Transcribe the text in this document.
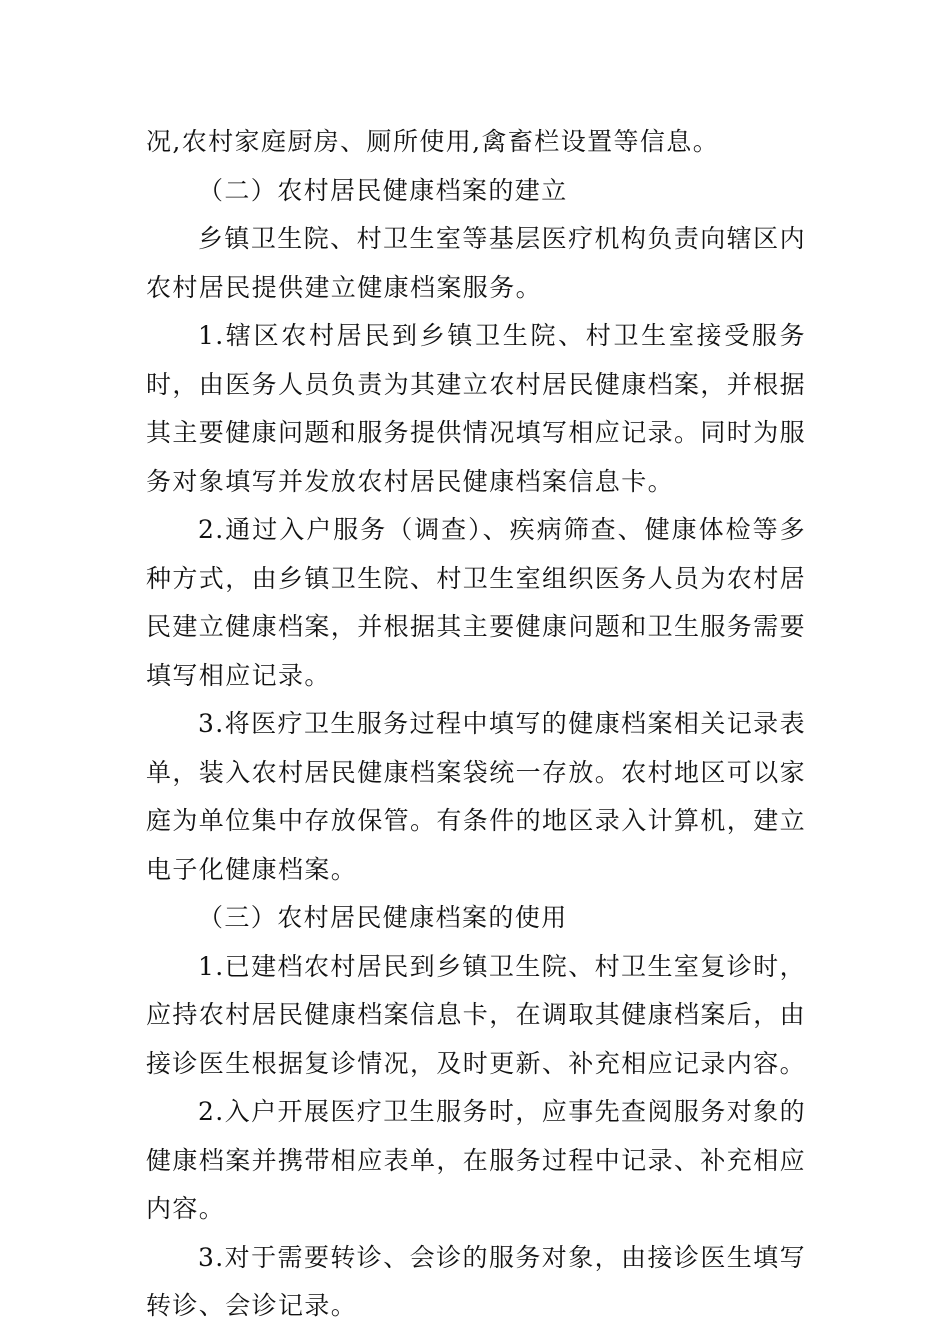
况,农村家庭厨房、厕所使用,禽畜栏设置等信息。

（二）农村居民健康档案的建立

乡镇卫生院、村卫生室等基层医疗机构负责向辖区内农村居民提供建立健康档案服务。

1.辖区农村居民到乡镇卫生院、村卫生室接受服务时，由医务人员负责为其建立农村居民健康档案，并根据其主要健康问题和服务提供情况填写相应记录。同时为服务对象填写并发放农村居民健康档案信息卡。

2.通过入户服务（调查）、疾病筛查、健康体检等多种方式，由乡镇卫生院、村卫生室组织医务人员为农村居民建立健康档案，并根据其主要健康问题和卫生服务需要填写相应记录。

3.将医疗卫生服务过程中填写的健康档案相关记录表单，装入农村居民健康档案袋统一存放。农村地区可以家庭为单位集中存放保管。有条件的地区录入计算机，建立电子化健康档案。

（三）农村居民健康档案的使用

1.已建档农村居民到乡镇卫生院、村卫生室复诊时，应持农村居民健康档案信息卡，在调取其健康档案后，由接诊医生根据复诊情况，及时更新、补充相应记录内容。

2.入户开展医疗卫生服务时，应事先查阅服务对象的健康档案并携带相应表单，在服务过程中记录、补充相应内容。

3.对于需要转诊、会诊的服务对象，由接诊医生填写转诊、会诊记录。
